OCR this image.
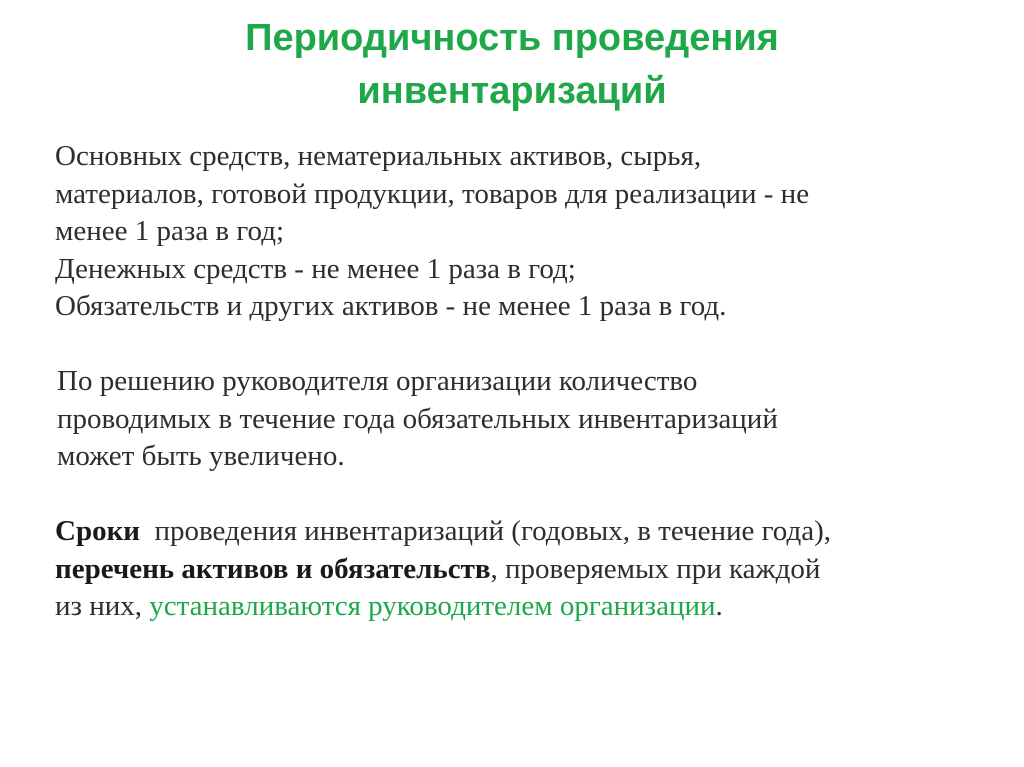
Периодичность проведения
инвентаризаций

Основных средств, нематериальных активов, сырья,

материалов, готовой продукции, товаров для реализации - не

менее 1 раза в год;

Денежных средств - не менее 1 раза в год;

Обязательств и других активов - не менее 1 раза в год.

По решению руководителя организации количество

проводимых в течение года обязательных инвентаризаций

может быть увеличено.

Сроки  проведения инвентаризаций (годовых, в течение года),

перечень активов и обязательств, проверяемых при каждой

из них, устанавливаются руководителем организации.
